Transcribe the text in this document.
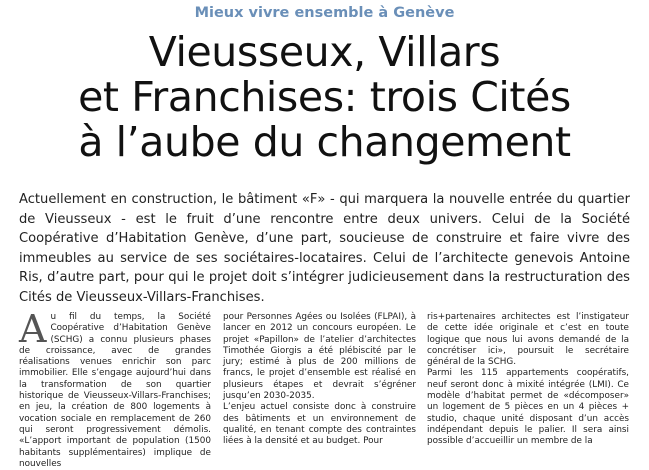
Mieux vivre ensemble à Genève
Vieusseux, Villars
et Franchises: trois Cités
à l’aube du changement
Actuellement en construction, le bâtiment «F» - qui marquera la nouvelle entrée du quartier de Vieusseux - est le fruit d’une rencontre entre deux univers. Celui de la Société Coopérative d’Habitation Genève, d’une part, soucieuse de construire et faire vivre des immeubles au service de ses sociétaires-locataires. Celui de l’architecte genevois Antoine Ris, d’autre part, pour qui le projet doit s’intégrer judicieusement dans la restructuration des Cités de Vieusseux-Villars-Franchises.
A u fil du temps, la Société Coopérative d’Habitation Genève (SCHG) a connu plusieurs phases de croissance, avec de grandes réalisations venues enrichir son parc immobilier. Elle s’engage aujourd’hui dans la transformation de son quartier historique de Vieusseux-Villars-Franchises; en jeu, la création de 800 logements à vocation sociale en remplacement de 260 qui seront progressivement démolis. «L’apport important de population (1500 habitants supplémentaires) implique de nouvelles
pour Personnes Agées ou Isolées (FLPAI), à lancer en 2012 un concours européen. Le projet «Papillon» de l’atelier d’architectes Timothée Giorgis a été plébiscité par le jury; estimé à plus de 200 millions de francs, le projet d’ensemble est réalisé en plusieurs étapes et devrait s’égréner jusqu’en 2030-2035.
L’enjeu actuel consiste donc à construire des bâtiments et un environnement de qualité, en tenant compte des contraintes liées à la densité et au budget. Pour
ris+partenaires architectes est l’instigateur de cette idée originale et c’est en toute logique que nous lui avons demandé de la concrétiser ici», poursuit le secrétaire général de la SCHG.
Parmi les 115 appartements coopératifs, neuf seront donc à mixité intégrée (LMI). Ce modèle d’habitat permet de «décomposer» un logement de 5 pièces en un 4 pièces + studio, chaque unité disposant d’un accès indépendant depuis le palier. Il sera ainsi possible d’accueillir un membre de la
